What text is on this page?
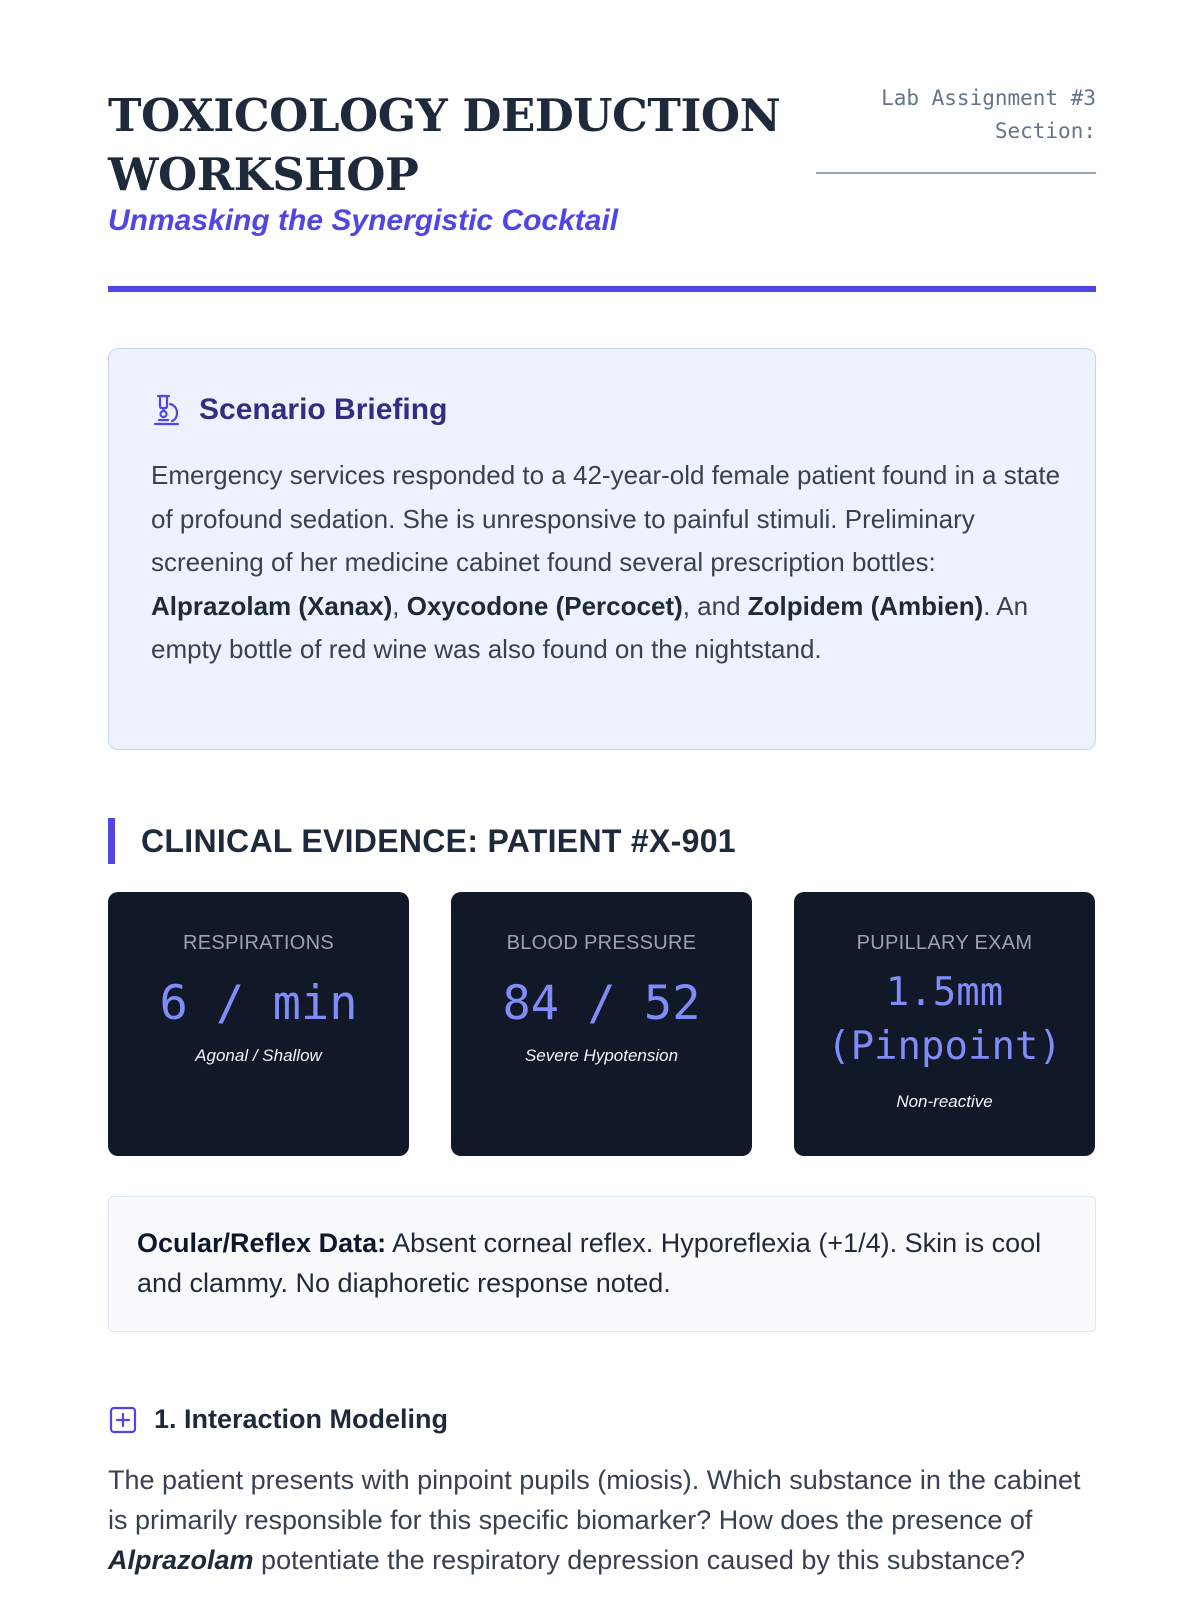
TOXICOLOGY DEDUCTION WORKSHOP
Unmasking the Synergistic Cocktail
Lab Assignment #3
Section:
Scenario Briefing
Emergency services responded to a 42-year-old female patient found in a state of profound sedation. She is unresponsive to painful stimuli. Preliminary screening of her medicine cabinet found several prescription bottles: Alprazolam (Xanax), Oxycodone (Percocet), and Zolpidem (Ambien). An empty bottle of red wine was also found on the nightstand.
CLINICAL EVIDENCE: PATIENT #X-901
RESPIRATIONS
6 / min
Agonal / Shallow
BLOOD PRESSURE
84 / 52
Severe Hypotension
PUPILLARY EXAM
1.5mm (Pinpoint)
Non-reactive
Ocular/Reflex Data: Absent corneal reflex. Hyporeflexia (+1/4). Skin is cool and clammy. No diaphoretic response noted.
1. Interaction Modeling
The patient presents with pinpoint pupils (miosis). Which substance in the cabinet is primarily responsible for this specific biomarker? How does the presence of Alprazolam potentiate the respiratory depression caused by this substance?
